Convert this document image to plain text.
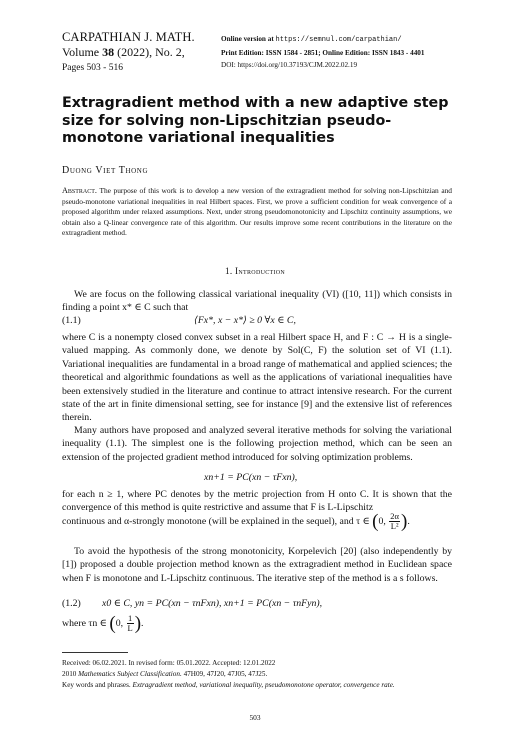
CARPATHIAN J. MATH.
Volume 38 (2022), No. 2,
Pages 503 - 516
Online version at https://semnul.com/carpathian/
Print Edition: ISSN 1584 - 2851; Online Edition: ISSN 1843 - 4401
DOI: https://doi.org/10.37193/CJM.2022.02.19
Extragradient method with a new adaptive step size for solving non-Lipschitzian pseudo-monotone variational inequalities
Duong Viet Thong
Abstract. The purpose of this work is to develop a new version of the extragradient method for solving non-Lipschitzian and pseudo-monotone variational inequalities in real Hilbert spaces. First, we prove a sufficient condition for weak convergence of a proposed algorithm under relaxed assumptions. Next, under strong pseudomonotonicity and Lipschitz continuity assumptions, we obtain also a Q-linear convergence rate of this algorithm. Our results improve some recent contributions in the literature on the extragradient method.
1. Introduction
We are focus on the following classical variational inequality (VI) ([10, 11]) which consists in finding a point x* ∈ C such that
(1.1)	⟨Fx*, x − x*⟩ ≥ 0 ∀x ∈ C,
where C is a nonempty closed convex subset in a real Hilbert space H, and F : C → H is a single-valued mapping. As commonly done, we denote by Sol(C, F) the solution set of VI (1.1). Variational inequalities are fundamental in a broad range of mathematical and applied sciences; the theoretical and algorithmic foundations as well as the applications of variational inequalities have been extensively studied in the literature and continue to attract intensive research. For the current state of the art in finite dimensional setting, see for instance [9] and the extensive list of references therein.
Many authors have proposed and analyzed several iterative methods for solving the variational inequality (1.1). The simplest one is the following projection method, which can be seen an extension of the projected gradient method introduced for solving optimization problems.
xn+1 = PC(xn − τFxn),
for each n ≥ 1, where PC denotes by the metric projection from H onto C. It is shown that the convergence of this method is quite restrictive and assume that F is L-Lipschitz
continuous and α-strongly monotone (will be explained in the sequel), and τ ∈ (0, $\frac{2\alpha}{\text{L²}}$ ).
To avoid the hypothesis of the strong monotonicity, Korpelevich [20] (also independently by [1]) proposed a double projection method known as the extragradient method in Euclidean space when F is monotone and L-Lipschitz continuous. The iterative step of the method is a s follows.
(1.2) x0 ∈ C, yn = PC(xn − τnFxn), xn+1 = PC(xn − τnFyn),
where τn ∈ (0, $\frac{1}{L}$ ).
Received: 06.02.2021. In revised form: 05.01.2022. Accepted: 12.01.2022
2010 Mathematics Subject Classification. 47H09, 47J20, 47J05, 47J25.
Key words and phrases. Extragradient method, variational inequality, pseudomonotone operator, convergence rate.
503
